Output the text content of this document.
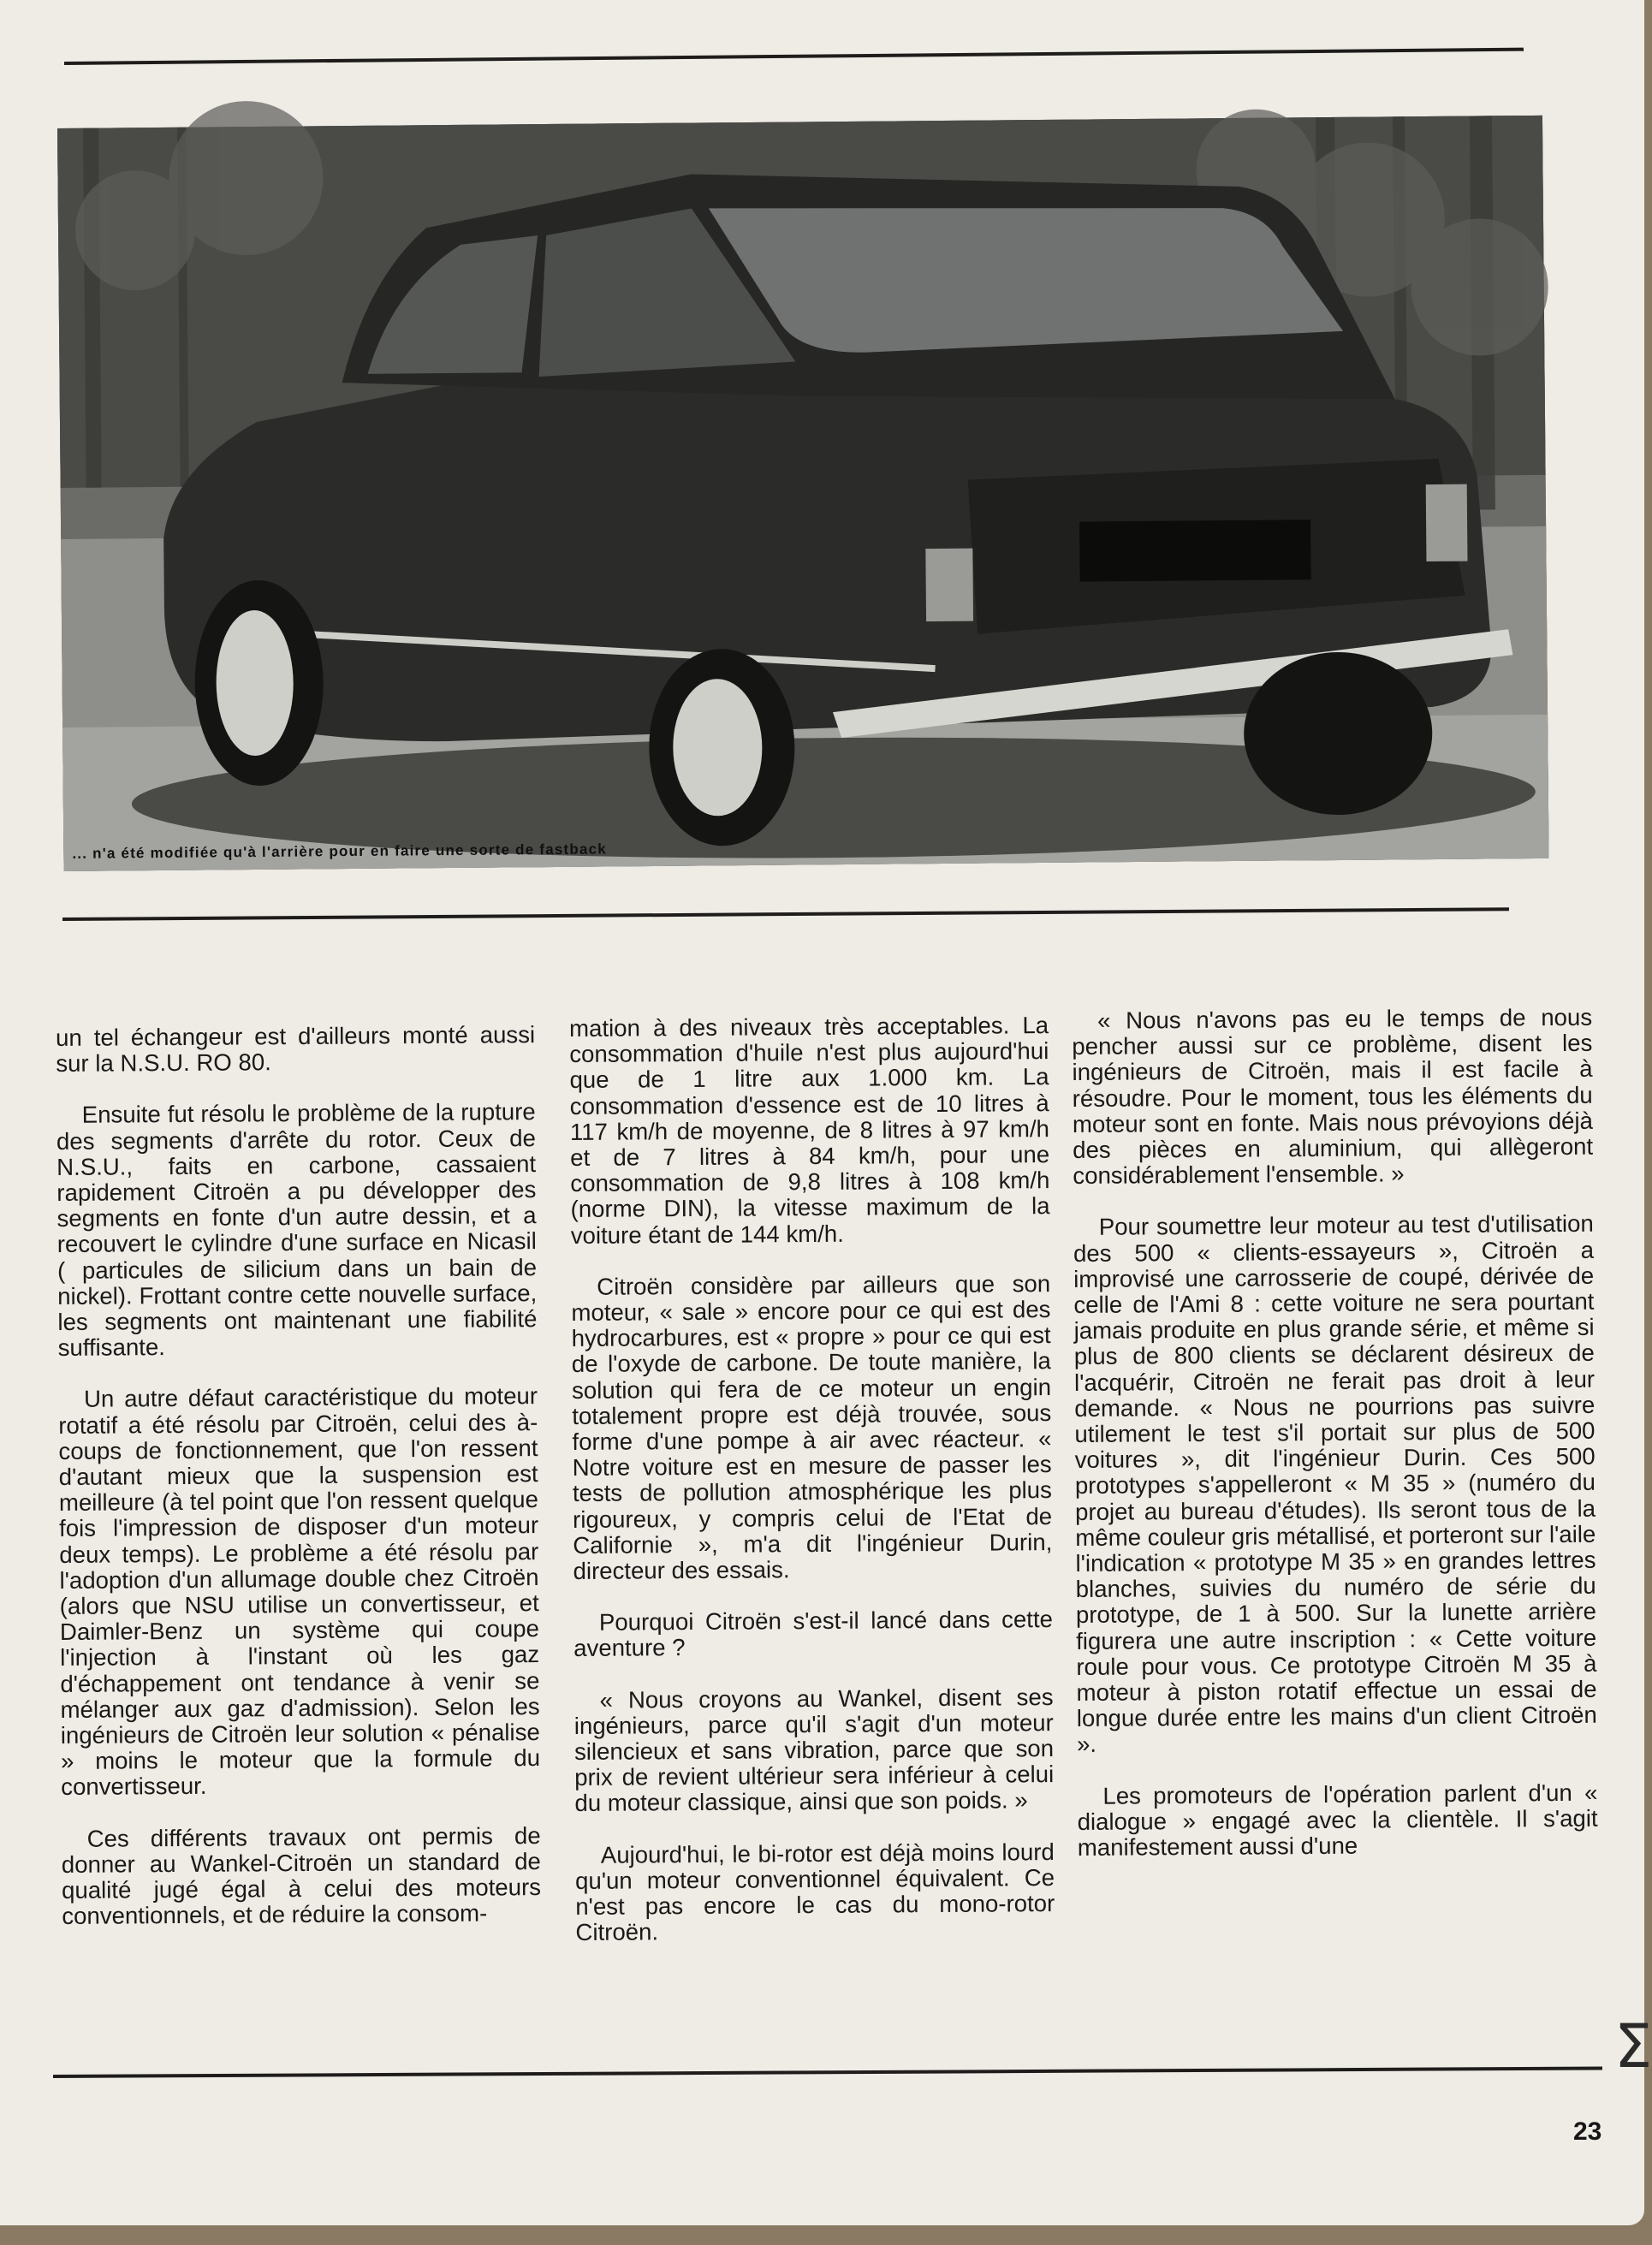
... n'a été modifiée qu'à l'arrière pour en faire une sorte de fastback

un tel échangeur est d'ailleurs monté aussi sur la N.S.U. RO 80.

Ensuite fut résolu le problème de la rupture des segments d'arrête du rotor. Ceux de N.S.U., faits en carbone, cassaient rapidement Citroën a pu développer des segments en fonte d'un autre dessin, et a recouvert le cylindre d'une surface en Nicasil ( particules de silicium dans un bain de nickel). Frottant contre cette nouvelle surface, les segments ont maintenant une fiabilité suffisante.

Un autre défaut caractéristique du moteur rotatif a été résolu par Citroën, celui des à-coups de fonctionnement, que l'on ressent d'autant mieux que la suspension est meilleure (à tel point que l'on ressent quelque fois l'impression de disposer d'un moteur deux temps). Le problème a été résolu par l'adoption d'un allumage double chez Citroën (alors que NSU utilise un convertisseur, et Daimler-Benz un système qui coupe l'injection à l'instant où les gaz d'échappement ont tendance à venir se mélanger aux gaz d'admission). Selon les ingénieurs de Citroën leur solution « pénalise » moins le moteur que la formule du convertisseur.

Ces différents travaux ont permis de donner au Wankel-Citroën un standard de qualité jugé égal à celui des moteurs conventionnels, et de réduire la consom-

mation à des niveaux très acceptables. La consommation d'huile n'est plus aujourd'hui que de 1 litre aux 1.000 km. La consommation d'essence est de 10 litres à 117 km/h de moyenne, de 8 litres à 97 km/h et de 7 litres à 84 km/h, pour une consommation de 9,8 litres à 108 km/h (norme DIN), la vitesse maximum de la voiture étant de 144 km/h.

Citroën considère par ailleurs que son moteur, « sale » encore pour ce qui est des hydrocarbures, est « propre » pour ce qui est de l'oxyde de carbone. De toute manière, la solution qui fera de ce moteur un engin totalement propre est déjà trouvée, sous forme d'une pompe à air avec réacteur. « Notre voiture est en mesure de passer les tests de pollution atmosphérique les plus rigoureux, y compris celui de l'Etat de Californie », m'a dit l'ingénieur Durin, directeur des essais.

Pourquoi Citroën s'est-il lancé dans cette aventure ?

« Nous croyons au Wankel, disent ses ingénieurs, parce qu'il s'agit d'un moteur silencieux et sans vibration, parce que son prix de revient ultérieur sera inférieur à celui du moteur classique, ainsi que son poids. »

Aujourd'hui, le bi-rotor est déjà moins lourd qu'un moteur conventionnel équivalent. Ce n'est pas encore le cas du mono-rotor Citroën.

« Nous n'avons pas eu le temps de nous pencher aussi sur ce problème, disent les ingénieurs de Citroën, mais il est facile à résoudre. Pour le moment, tous les éléments du moteur sont en fonte. Mais nous prévoyions déjà des pièces en aluminium, qui allègeront considérablement l'ensemble. »

Pour soumettre leur moteur au test d'utilisation des 500 « clients-essayeurs », Citroën a improvisé une carrosserie de coupé, dérivée de celle de l'Ami 8 : cette voiture ne sera pourtant jamais produite en plus grande série, et même si plus de 800 clients se déclarent désireux de l'acquérir, Citroën ne ferait pas droit à leur demande. « Nous ne pourrions pas suivre utilement le test s'il portait sur plus de 500 voitures », dit l'ingénieur Durin. Ces 500 prototypes s'appelleront « M 35 » (numéro du projet au bureau d'études). Ils seront tous de la même couleur gris métallisé, et porteront sur l'aile l'indication « prototype M 35 » en grandes lettres blanches, suivies du numéro de série du prototype, de 1 à 500. Sur la lunette arrière figurera une autre inscription : « Cette voiture roule pour vous. Ce prototype Citroën M 35 à moteur à piston rotatif effectue un essai de longue durée entre les mains d'un client Citroën ».

Les promoteurs de l'opération parlent d'un « dialogue » engagé avec la clientèle. Il s'agit manifestement aussi d'une

Σ
23
